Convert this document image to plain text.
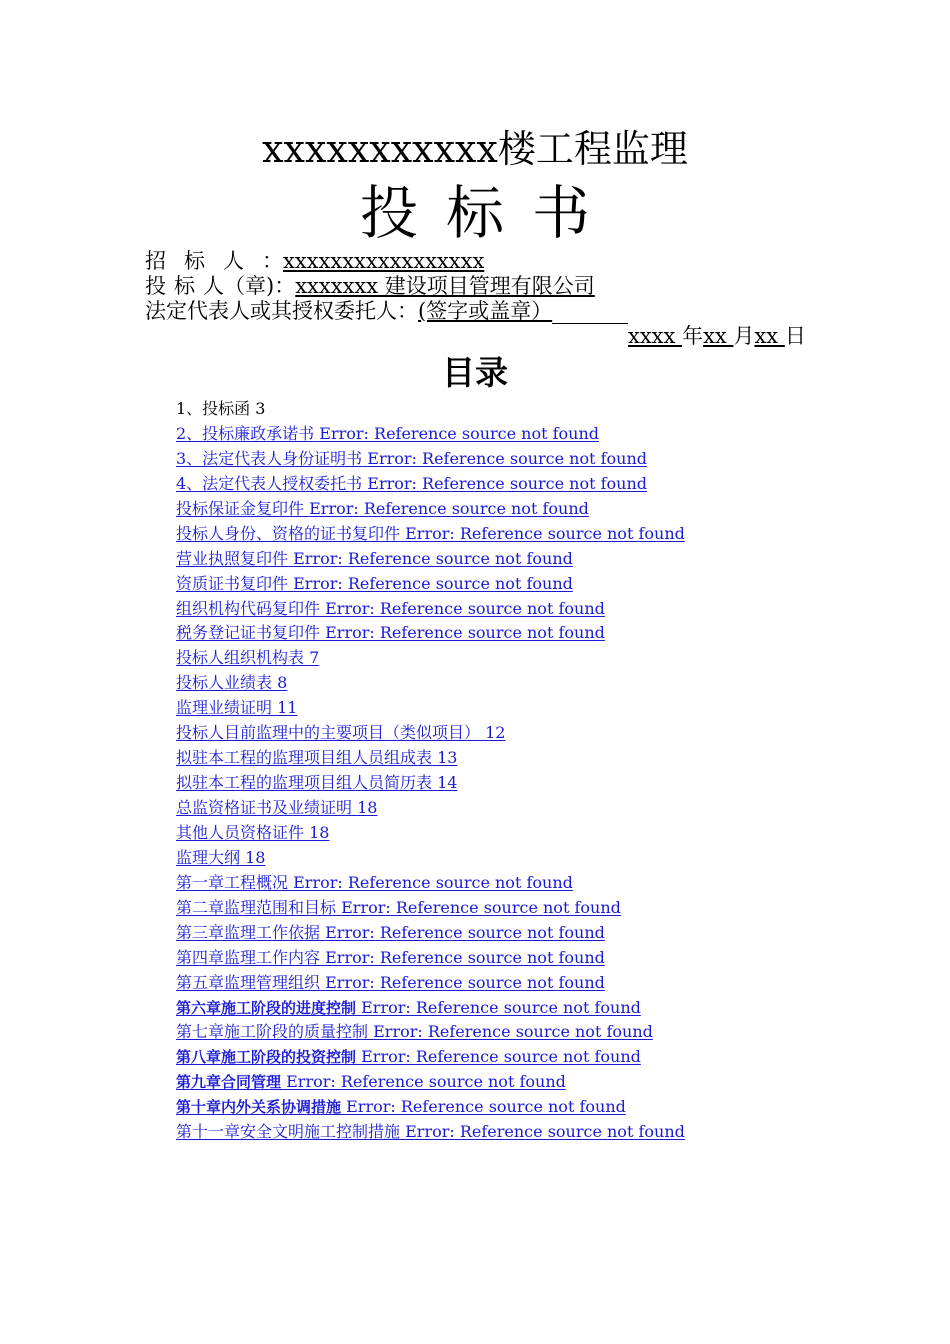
xxxxxxxxxxx楼工程监理
投标书
招标人：xxxxxxxxxxxxxxxxx
投 标 人（章)：xxxxxxx 建设项目管理有限公司
法定代表人或其授权委托人：(签字或盖章）
xxxx 年xx 月xx 日
目录
1、投标函 3
2、投标廉政承诺书 Error: Reference source not found
3、法定代表人身份证明书 Error: Reference source not found
4、法定代表人授权委托书 Error: Reference source not found
投标保证金复印件 Error: Reference source not found
投标人身份、资格的证书复印件 Error: Reference source not found
营业执照复印件 Error: Reference source not found
资质证书复印件 Error: Reference source not found
组织机构代码复印件 Error: Reference source not found
税务登记证书复印件 Error: Reference source not found
投标人组织机构表 7
投标人业绩表 8
监理业绩证明 11
投标人目前监理中的主要项目（类似项目） 12
拟驻本工程的监理项目组人员组成表 13
拟驻本工程的监理项目组人员简历表 14
总监资格证书及业绩证明 18
其他人员资格证件 18
监理大纲 18
第一章工程概况 Error: Reference source not found
第二章监理范围和目标 Error: Reference source not found
第三章监理工作依据 Error: Reference source not found
第四章监理工作内容 Error: Reference source not found
第五章监理管理组织 Error: Reference source not found
第六章施工阶段的进度控制 Error: Reference source not found
第七章施工阶段的质量控制 Error: Reference source not found
第八章施工阶段的投资控制 Error: Reference source not found
第九章合同管理 Error: Reference source not found
第十章内外关系协调措施 Error: Reference source not found
第十一章安全文明施工控制措施 Error: Reference source not found
